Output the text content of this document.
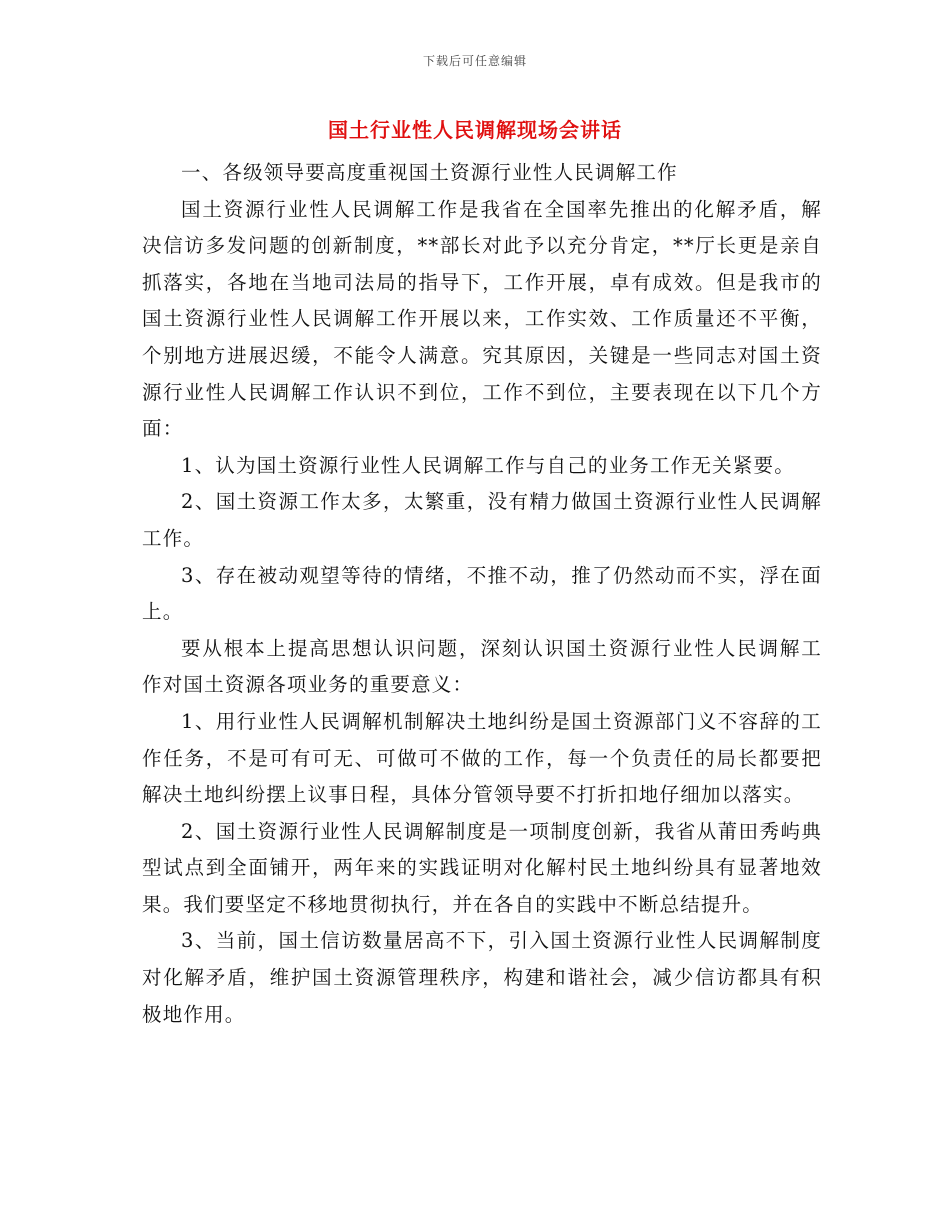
下载后可任意编辑
国土行业性人民调解现场会讲话

一、各级领导要高度重视国土资源行业性人民调解工作

国土资源行业性人民调解工作是我省在全国率先推出的化解矛盾，解决信访多发问题的创新制度，**部长对此予以充分肯定，**厅长更是亲自抓落实，各地在当地司法局的指导下，工作开展，卓有成效。但是我市的国土资源行业性人民调解工作开展以来，工作实效、工作质量还不平衡，个别地方进展迟缓，不能令人满意。究其原因，关键是一些同志对国土资源行业性人民调解工作认识不到位，工作不到位，主要表现在以下几个方面：

1、认为国土资源行业性人民调解工作与自己的业务工作无关紧要。

2、国土资源工作太多，太繁重，没有精力做国土资源行业性人民调解工作。

3、存在被动观望等待的情绪，不推不动，推了仍然动而不实，浮在面上。

要从根本上提高思想认识问题，深刻认识国土资源行业性人民调解工作对国土资源各项业务的重要意义：

1、用行业性人民调解机制解决土地纠纷是国土资源部门义不容辞的工作任务，不是可有可无、可做可不做的工作，每一个负责任的局长都要把解决土地纠纷摆上议事日程，具体分管领导要不打折扣地仔细加以落实。

2、国土资源行业性人民调解制度是一项制度创新，我省从莆田秀屿典型试点到全面铺开，两年来的实践证明对化解村民土地纠纷具有显著地效果。我们要坚定不移地贯彻执行，并在各自的实践中不断总结提升。

3、当前，国土信访数量居高不下，引入国土资源行业性人民调解制度对化解矛盾，维护国土资源管理秩序，构建和谐社会，减少信访都具有积极地作用。
